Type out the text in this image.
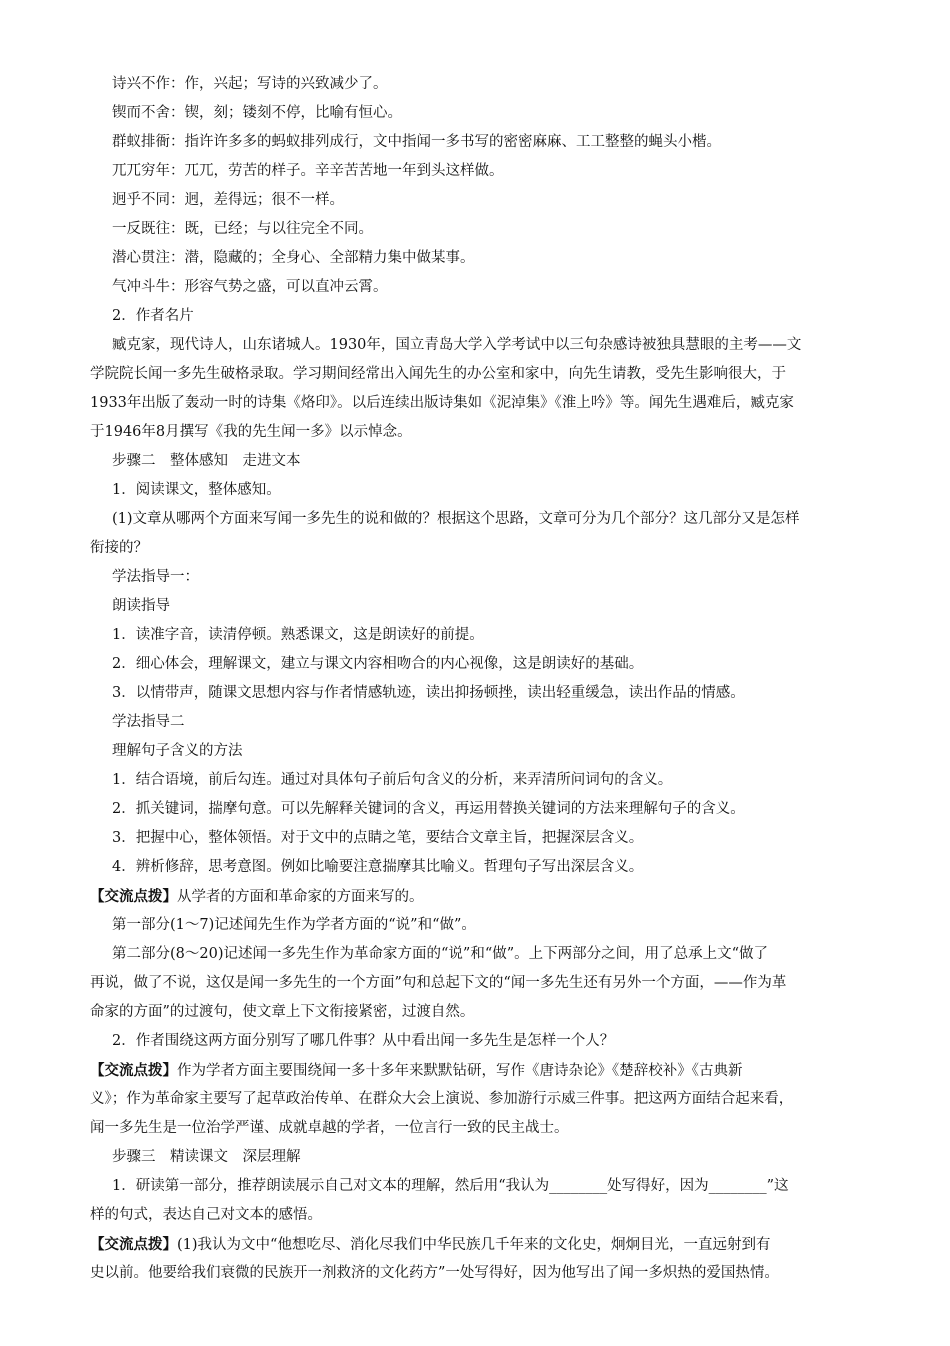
诗兴不作：作，兴起；写诗的兴致减少了。
锲而不舍：锲，刻；镂刻不停，比喻有恒心。
群蚁排衙：指许许多多的蚂蚁排列成行，文中指闻一多书写的密密麻麻、工工整整的蝇头小楷。
兀兀穷年：兀兀，劳苦的样子。辛辛苦苦地一年到头这样做。
迥乎不同：迥，差得远；很不一样。
一反既往：既，已经；与以往完全不同。
潜心贯注：潜，隐藏的；全身心、全部精力集中做某事。
气冲斗牛：形容气势之盛，可以直冲云霄。
2．作者名片
臧克家，现代诗人，山东诸城人。1930年，国立青岛大学入学考试中以三句杂感诗被独具慧眼的主考——文
学院院长闻一多先生破格录取。学习期间经常出入闻先生的办公室和家中，向先生请教，受先生影响很大，于
1933年出版了轰动一时的诗集《烙印》。以后连续出版诗集如《泥淖集》《淮上吟》等。闻先生遇难后，臧克家
于1946年8月撰写《我的先生闻一多》以示悼念。
步骤二　整体感知　走进文本
1．阅读课文，整体感知。
(1)文章从哪两个方面来写闻一多先生的说和做的？根据这个思路，文章可分为几个部分？这几部分又是怎样
衔接的？
学法指导一：
朗读指导
1．读准字音，读清停顿。熟悉课文，这是朗读好的前提。
2．细心体会，理解课文，建立与课文内容相吻合的内心视像，这是朗读好的基础。
3．以情带声，随课文思想内容与作者情感轨迹，读出抑扬顿挫，读出轻重缓急，读出作品的情感。
学法指导二
理解句子含义的方法
1．结合语境，前后勾连。通过对具体句子前后句含义的分析，来弄清所问词句的含义。
2．抓关键词，揣摩句意。可以先解释关键词的含义，再运用替换关键词的方法来理解句子的含义。
3．把握中心，整体领悟。对于文中的点睛之笔，要结合文章主旨，把握深层含义。
4．辨析修辞，思考意图。例如比喻要注意揣摩其比喻义。哲理句子写出深层含义。
【交流点拨】从学者的方面和革命家的方面来写的。
第一部分(1～7)记述闻先生作为学者方面的“说”和“做”。
第二部分(8～20)记述闻一多先生作为革命家方面的“说”和“做”。上下两部分之间，用了总承上文“做了
再说，做了不说，这仅是闻一多先生的一个方面”句和总起下文的“闻一多先生还有另外一个方面，——作为革
命家的方面”的过渡句，使文章上下文衔接紧密，过渡自然。
2．作者围绕这两方面分别写了哪几件事？从中看出闻一多先生是怎样一个人？
【交流点拨】作为学者方面主要围绕闻一多十多年来默默钻研，写作《唐诗杂论》《楚辞校补》《古典新
义》；作为革命家主要写了起草政治传单、在群众大会上演说、参加游行示威三件事。把这两方面结合起来看，
闻一多先生是一位治学严谨、成就卓越的学者，一位言行一致的民主战士。
步骤三　精读课文　深层理解
1．研读第一部分，推荐朗读展示自己对文本的理解，然后用“我认为________处写得好，因为________”这
样的句式，表达自己对文本的感悟。
【交流点拨】(1)我认为文中“他想吃尽、消化尽我们中华民族几千年来的文化史，炯炯目光，一直远射到有
史以前。他要给我们衰微的民族开一剂救济的文化药方”一处写得好，因为他写出了闻一多炽热的爱国热情。
